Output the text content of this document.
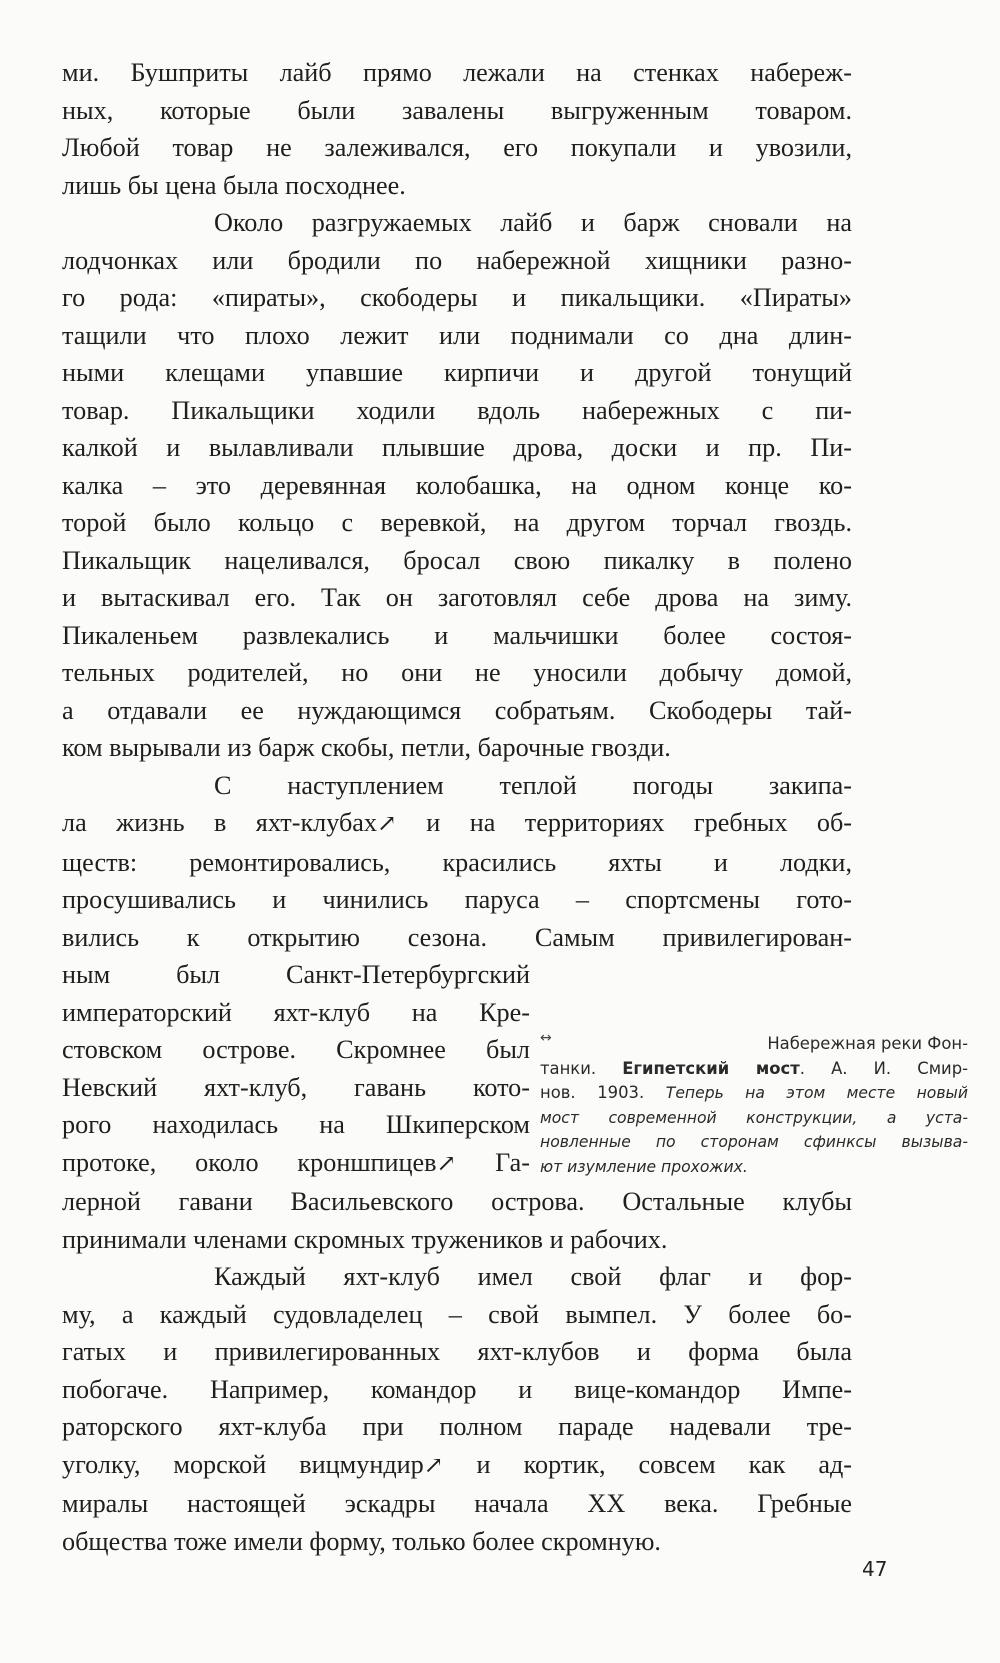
ми. Бушприты лайб прямо лежали на стенках набереж-
ных, которые были завалены выгруженным товаром.
Любой товар не залеживался, его покупали и увозили,
лишь бы цена была посходнее.
Около разгружаемых лайб и барж сновали на
лодчонках или бродили по набережной хищники разно-
го рода: «пираты», скободеры и пикальщики. «Пираты»
тащили что плохо лежит или поднимали со дна длин-
ными клещами упавшие кирпичи и другой тонущий
товар. Пикальщики ходили вдоль набережных с пи-
калкой и вылавливали плывшие дрова, доски и пр. Пи-
калка – это деревянная колобашка, на одном конце ко-
торой было кольцо с веревкой, на другом торчал гвоздь.
Пикальщик нацеливался, бросал свою пикалку в полено
и вытаскивал его. Так он заготовлял себе дрова на зиму.
Пикаленьем развлекались и мальчишки более состоя-
тельных родителей, но они не уносили добычу домой,
а отдавали ее нуждающимся собратьям. Скободеры тай-
ком вырывали из барж скобы, петли, барочные гвозди.
С наступлением теплой погоды закипа-
ла жизнь в яхт-клубах↗ и на территориях гребных об-
ществ: ремонтировались, красились яхты и лодки,
просушивались и чинились паруса – спортсмены гото-
вились к открытию сезона. Самым привилегирован-
ным был Санкт-Петербургский
императорский яхт-клуб на Кре-
стовском острове. Скромнее был
Невский яхт-клуб, гавань кото-
рого находилась на Шкиперском
протоке, около кроншпицев↗ Га-
лерной гавани Васильевского острова. Остальные клубы
принимали членами скромных тружеников и рабочих.
Каждый яхт-клуб имел свой флаг и фор-
му, а каждый судовладелец – свой вымпел. У более бо-
гатых и привилегированных яхт-клубов и форма была
побогаче. Например, командор и вице-командор Импе-
раторского яхт-клуба при полном параде надевали тре-
уголку, морской вицмундир↗ и кортик, совсем как ад-
миралы настоящей эскадры начала XX века. Гребные
общества тоже имели форму, только более скромную.
↔	Набережная реки Фон-
танки. Египетский мост. А. И. Смир-
нов. 1903. Теперь на этом месте новый
мост современной конструкции, а уста-
новленные по сторонам сфинксы вызыва-
ют изумление прохожих.
47
